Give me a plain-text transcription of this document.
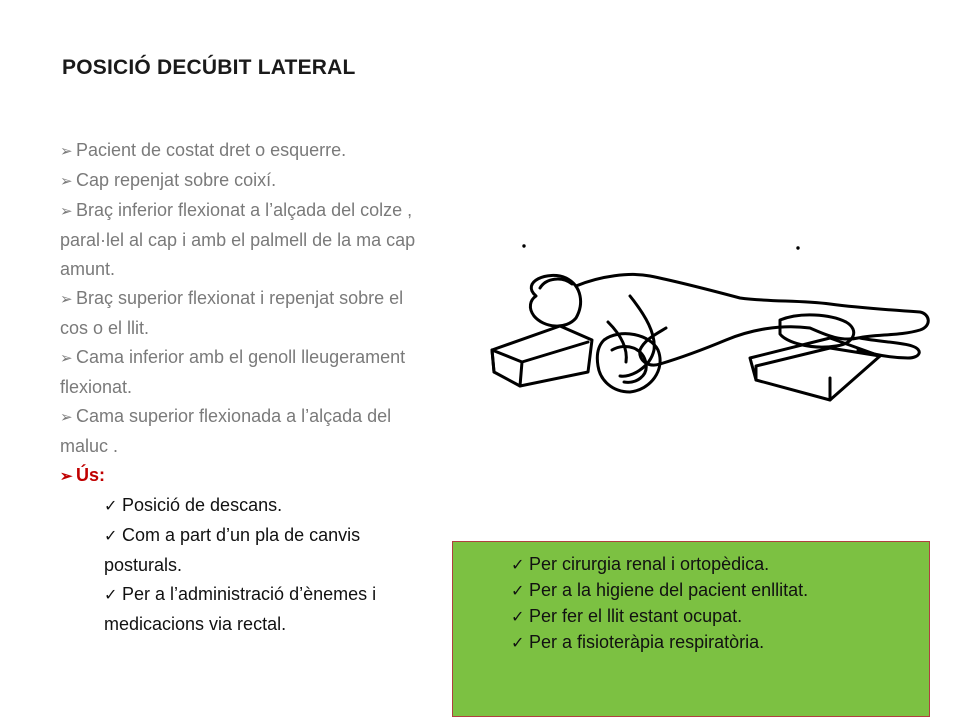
POSICIÓ DECÚBIT LATERAL
➢ Pacient de costat dret o esquerre.
➢ Cap repenjat sobre coixí.
➢ Braç inferior flexionat a l’alçada del colze , paral·lel al cap i amb el palmell de la ma cap amunt.
➢ Braç superior flexionat i repenjat sobre el cos o el llit.
➢ Cama inferior amb el genoll lleugerament flexionat.
➢ Cama superior flexionada a l’alçada del maluc .
➢ Ús:
✓ Posició de descans.
✓ Com a part d’un pla de canvis posturals.
✓ Per a l’administració d’ènemes i medicacions via rectal.
✓ Per cirurgia renal i ortopèdica.
✓ Per a la higiene del pacient enllitat.
✓ Per fer el llit estant ocupat.
✓ Per a fisioteràpia respiratòria.
